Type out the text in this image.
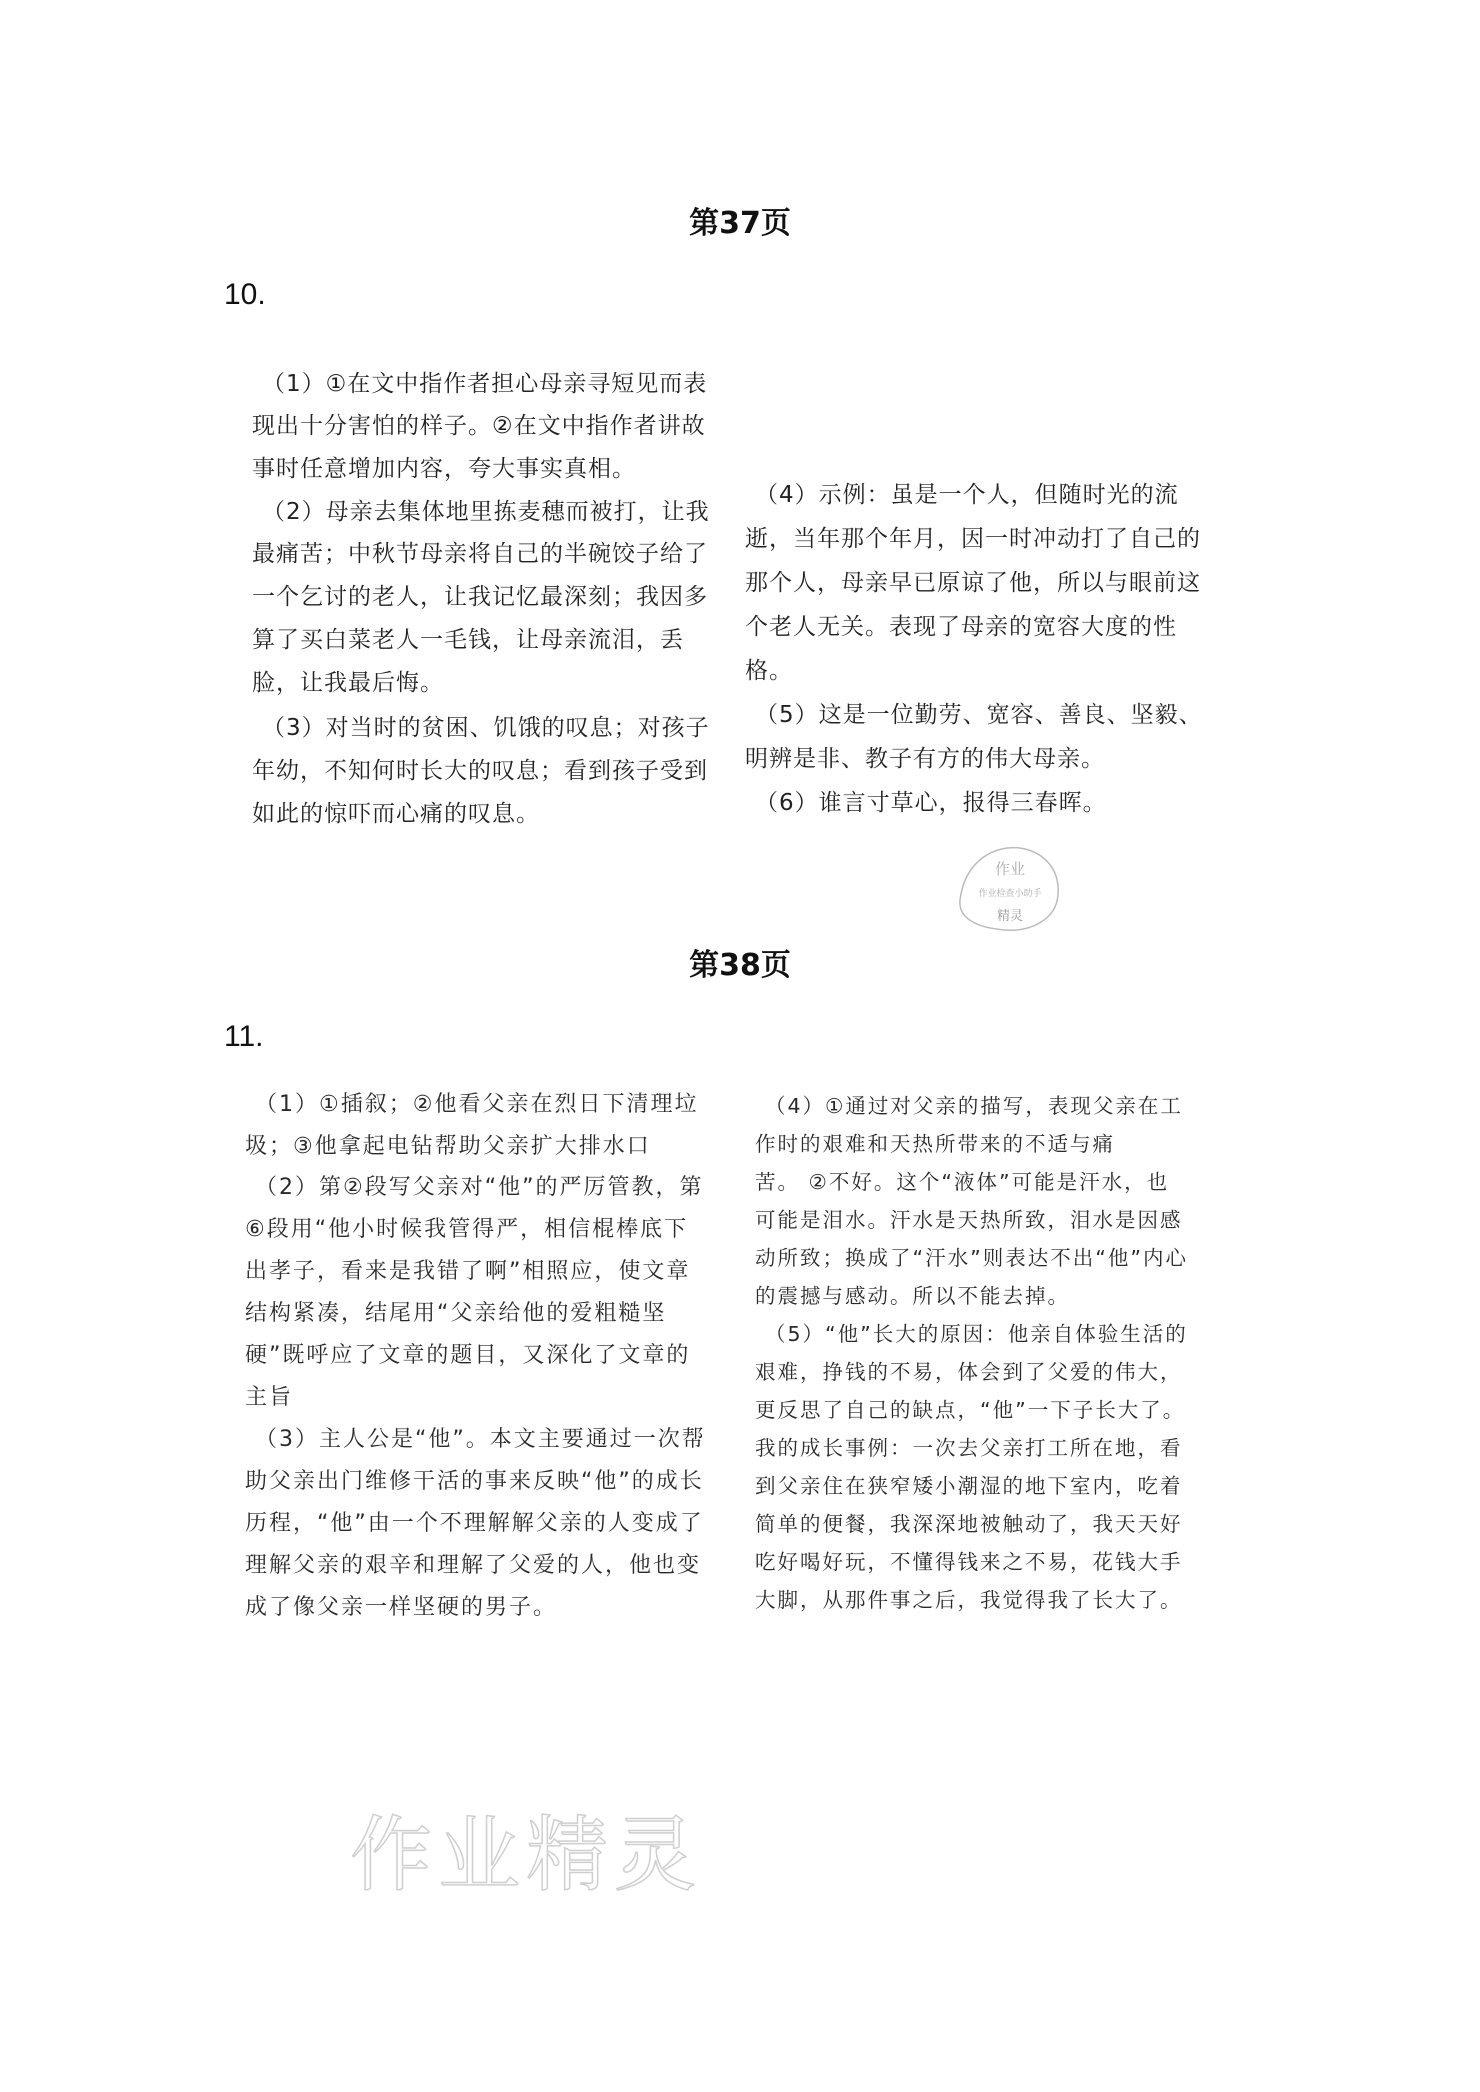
第37页
10.
（1）①在文中指作者担心母亲寻短见而表
现出十分害怕的样子。②在文中指作者讲故
事时任意增加内容，夸大事实真相。
（2）母亲去集体地里拣麦穗而被打，让我
最痛苦；中秋节母亲将自己的半碗饺子给了
一个乞讨的老人，让我记忆最深刻；我因多
算了买白菜老人一毛钱，让母亲流泪，丢
脸，让我最后悔。
（3）对当时的贫困、饥饿的叹息；对孩子
年幼，不知何时长大的叹息；看到孩子受到
如此的惊吓而心痛的叹息。
（4）示例：虽是一个人，但随时光的流
逝，当年那个年月，因一时冲动打了自己的
那个人，母亲早已原谅了他，所以与眼前这
个老人无关。表现了母亲的宽容大度的性
格。
（5）这是一位勤劳、宽容、善良、坚毅、
明辨是非、教子有方的伟大母亲。
（6）谁言寸草心，报得三春晖。
作业
作业检查小助手
精灵
第38页
11.
（1）①插叙；②他看父亲在烈日下清理垃
圾；③他拿起电钻帮助父亲扩大排水口
（2）第②段写父亲对“他”的严厉管教，第
⑥段用“他小时候我管得严，相信棍棒底下
出孝子，看来是我错了啊”相照应，使文章
结构紧凑，结尾用“父亲给他的爱粗糙坚
硬”既呼应了文章的题目，又深化了文章的
主旨
（3）主人公是“他”。本文主要通过一次帮
助父亲出门维修干活的事来反映“他”的成长
历程，“他”由一个不理解解父亲的人变成了
理解父亲的艰辛和理解了父爱的人，他也变
成了像父亲一样坚硬的男子。
（4）①通过对父亲的描写，表现父亲在工
作时的艰难和天热所带来的不适与痛
苦。 ②不好。这个“液体”可能是汗水，也
可能是泪水。汗水是天热所致，泪水是因感
动所致；换成了“汗水”则表达不出“他”内心
的震撼与感动。所以不能去掉。
（5）“他”长大的原因：他亲自体验生活的
艰难，挣钱的不易，体会到了父爱的伟大，
更反思了自己的缺点，“他”一下子长大了。
我的成长事例：一次去父亲打工所在地，看
到父亲住在狭窄矮小潮湿的地下室内，吃着
简单的便餐，我深深地被触动了，我天天好
吃好喝好玩，不懂得钱来之不易，花钱大手
大脚，从那件事之后，我觉得我了长大了。
作业精灵
